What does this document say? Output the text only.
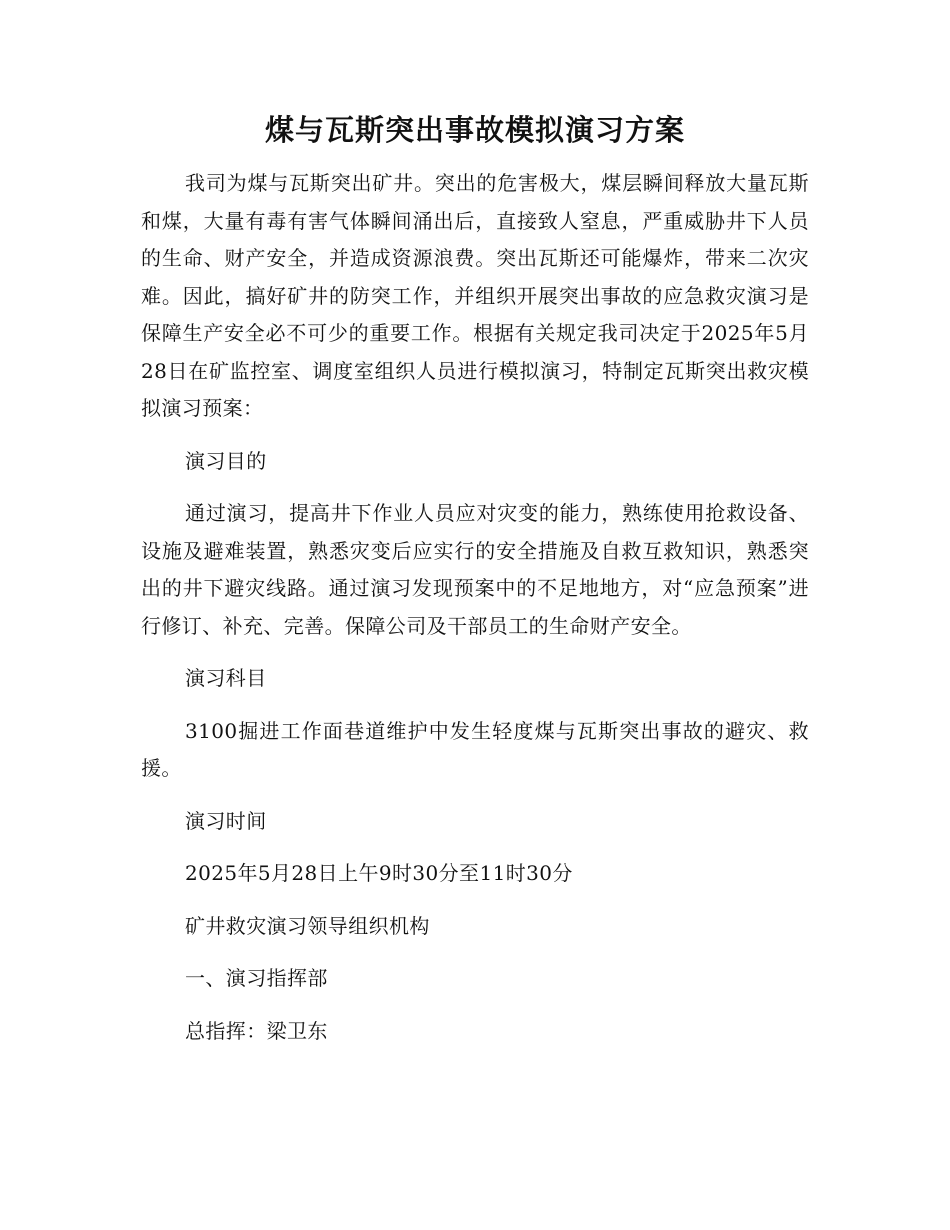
煤与瓦斯突出事故模拟演习方案

我司为煤与瓦斯突出矿井。突出的危害极大，煤层瞬间释放大量瓦斯和煤，大量有毒有害气体瞬间涌出后，直接致人窒息，严重威胁井下人员的生命、财产安全，并造成资源浪费。突出瓦斯还可能爆炸，带来二次灾难。因此，搞好矿井的防突工作，并组织开展突出事故的应急救灾演习是保障生产安全必不可少的重要工作。根据有关规定我司决定于2025年5月28日在矿监控室、调度室组织人员进行模拟演习，特制定瓦斯突出救灾模拟演习预案：

演习目的

通过演习，提高井下作业人员应对灾变的能力，熟练使用抢救设备、设施及避难装置，熟悉灾变后应实行的安全措施及自救互救知识，熟悉突出的井下避灾线路。通过演习发现预案中的不足地地方，对“应急预案”进行修订、补充、完善。保障公司及干部员工的生命财产安全。

演习科目

3100掘进工作面巷道维护中发生轻度煤与瓦斯突出事故的避灾、救援。

演习时间

2025年5月28日上午9时30分至11时30分

矿井救灾演习领导组织机构

一、演习指挥部

总指挥：梁卫东
